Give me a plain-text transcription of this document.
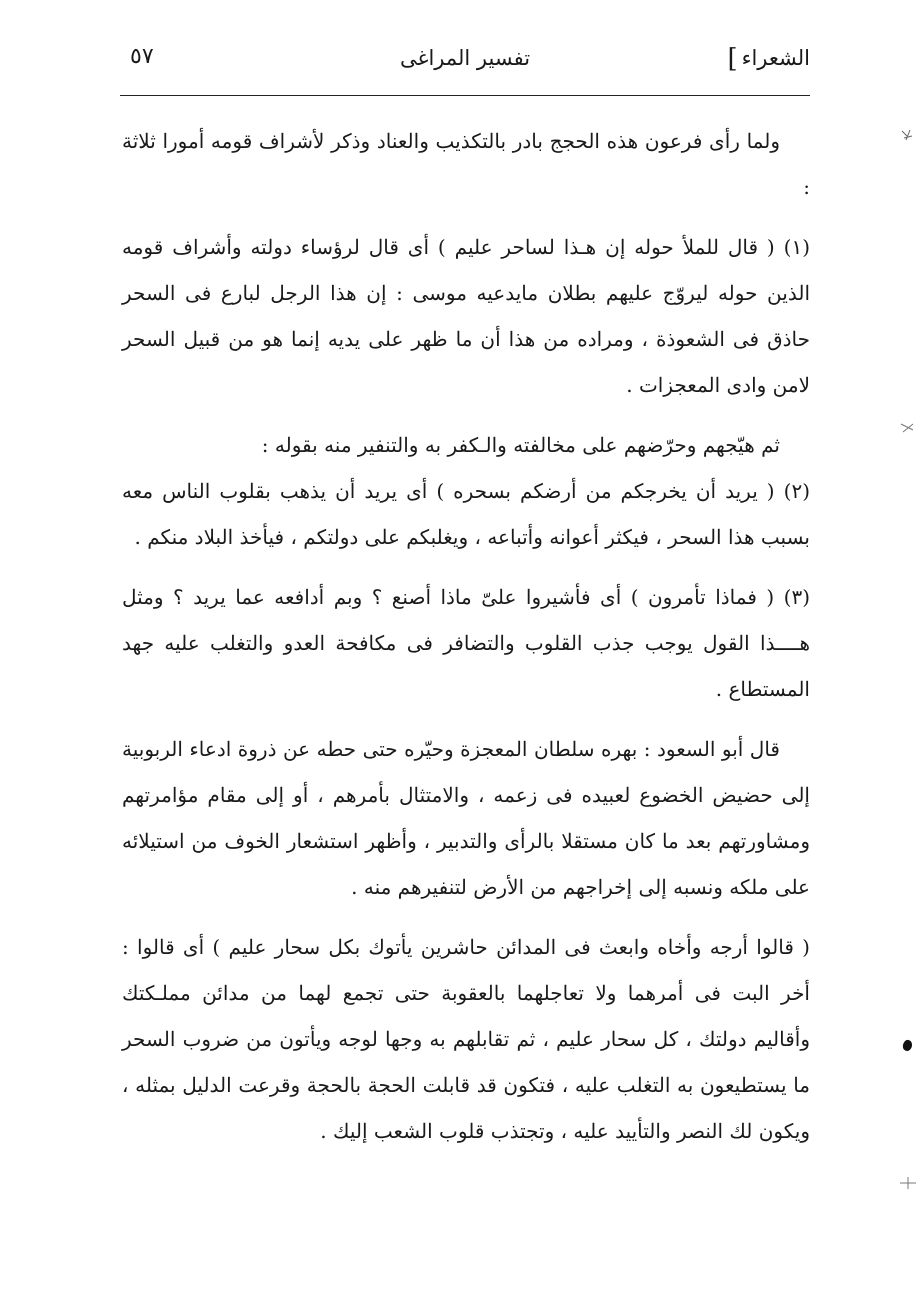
الشعراء]
تفسير المراغى
٥٧

ولما رأى فرعون هذه الحجج بادر بالتكذيب والعناد وذكر لأشراف قومه أمورا ثلاثة :

(١) ( قال للملأ حوله إن هـذا لساحر عليم ) أى قال لرؤساء دولته وأشراف قومه الذين حوله ليروّج عليهم بطلان مايدعيه موسى : إن هذا الرجل لبارع فى السحر حاذق فى الشعوذة ، ومراده من هذا أن ما ظهر على يديه إنما هو من قبيل السحر لامن وادى المعجزات .

ثم هيّجهم وحرّضهم على مخالفته والـكفر به والتنفير منه بقوله :

(٢) ( يريد أن يخرجكم من أرضكم بسحره ) أى يريد أن يذهب بقلوب الناس معه بسبب هذا السحر ، فيكثر أعوانه وأتباعه ، ويغلبكم على دولتكم ، فيأخذ البلاد منكم .

(٣) ( فماذا تأمرون ) أى فأشيروا علىّ ماذا أصنع ؟ وبم أدافعه عما يريد ؟ ومثل هــــذا القول يوجب جذب القلوب والتضافر فى مكافحة العدو والتغلب عليه جهد المستطاع .

قال أبو السعود : بهره سلطان المعجزة وحيّره حتى حطه عن ذروة ادعاء الربوبية إلى حضيض الخضوع لعبيده فى زعمه ، والامتثال بأمرهم ، أو إلى مقام مؤامرتهم ومشاورتهم بعد ما كان مستقلا بالرأى والتدبير ، وأظهر استشعار الخوف من استيلائه على ملكه ونسبه إلى إخراجهم من الأرض لتنفيرهم منه .

( قالوا أرجه وأخاه وابعث فى المدائن حاشرين يأتوك بكل سحار عليم ) أى قالوا : أخر البت فى أمرهما ولا تعاجلهما بالعقوبة حتى تجمع لهما من مدائن مملـكتك وأقاليم دولتك ، كل سحار عليم ، ثم تقابلهم به وجها لوجه ويأتون من ضروب السحر ما يستطيعون به التغلب عليه ، فتكون قد قابلت الحجة بالحجة وقرعت الدليل بمثله ، ويكون لك النصر والتأييد عليه ، وتجتذب قلوب الشعب إليك .
